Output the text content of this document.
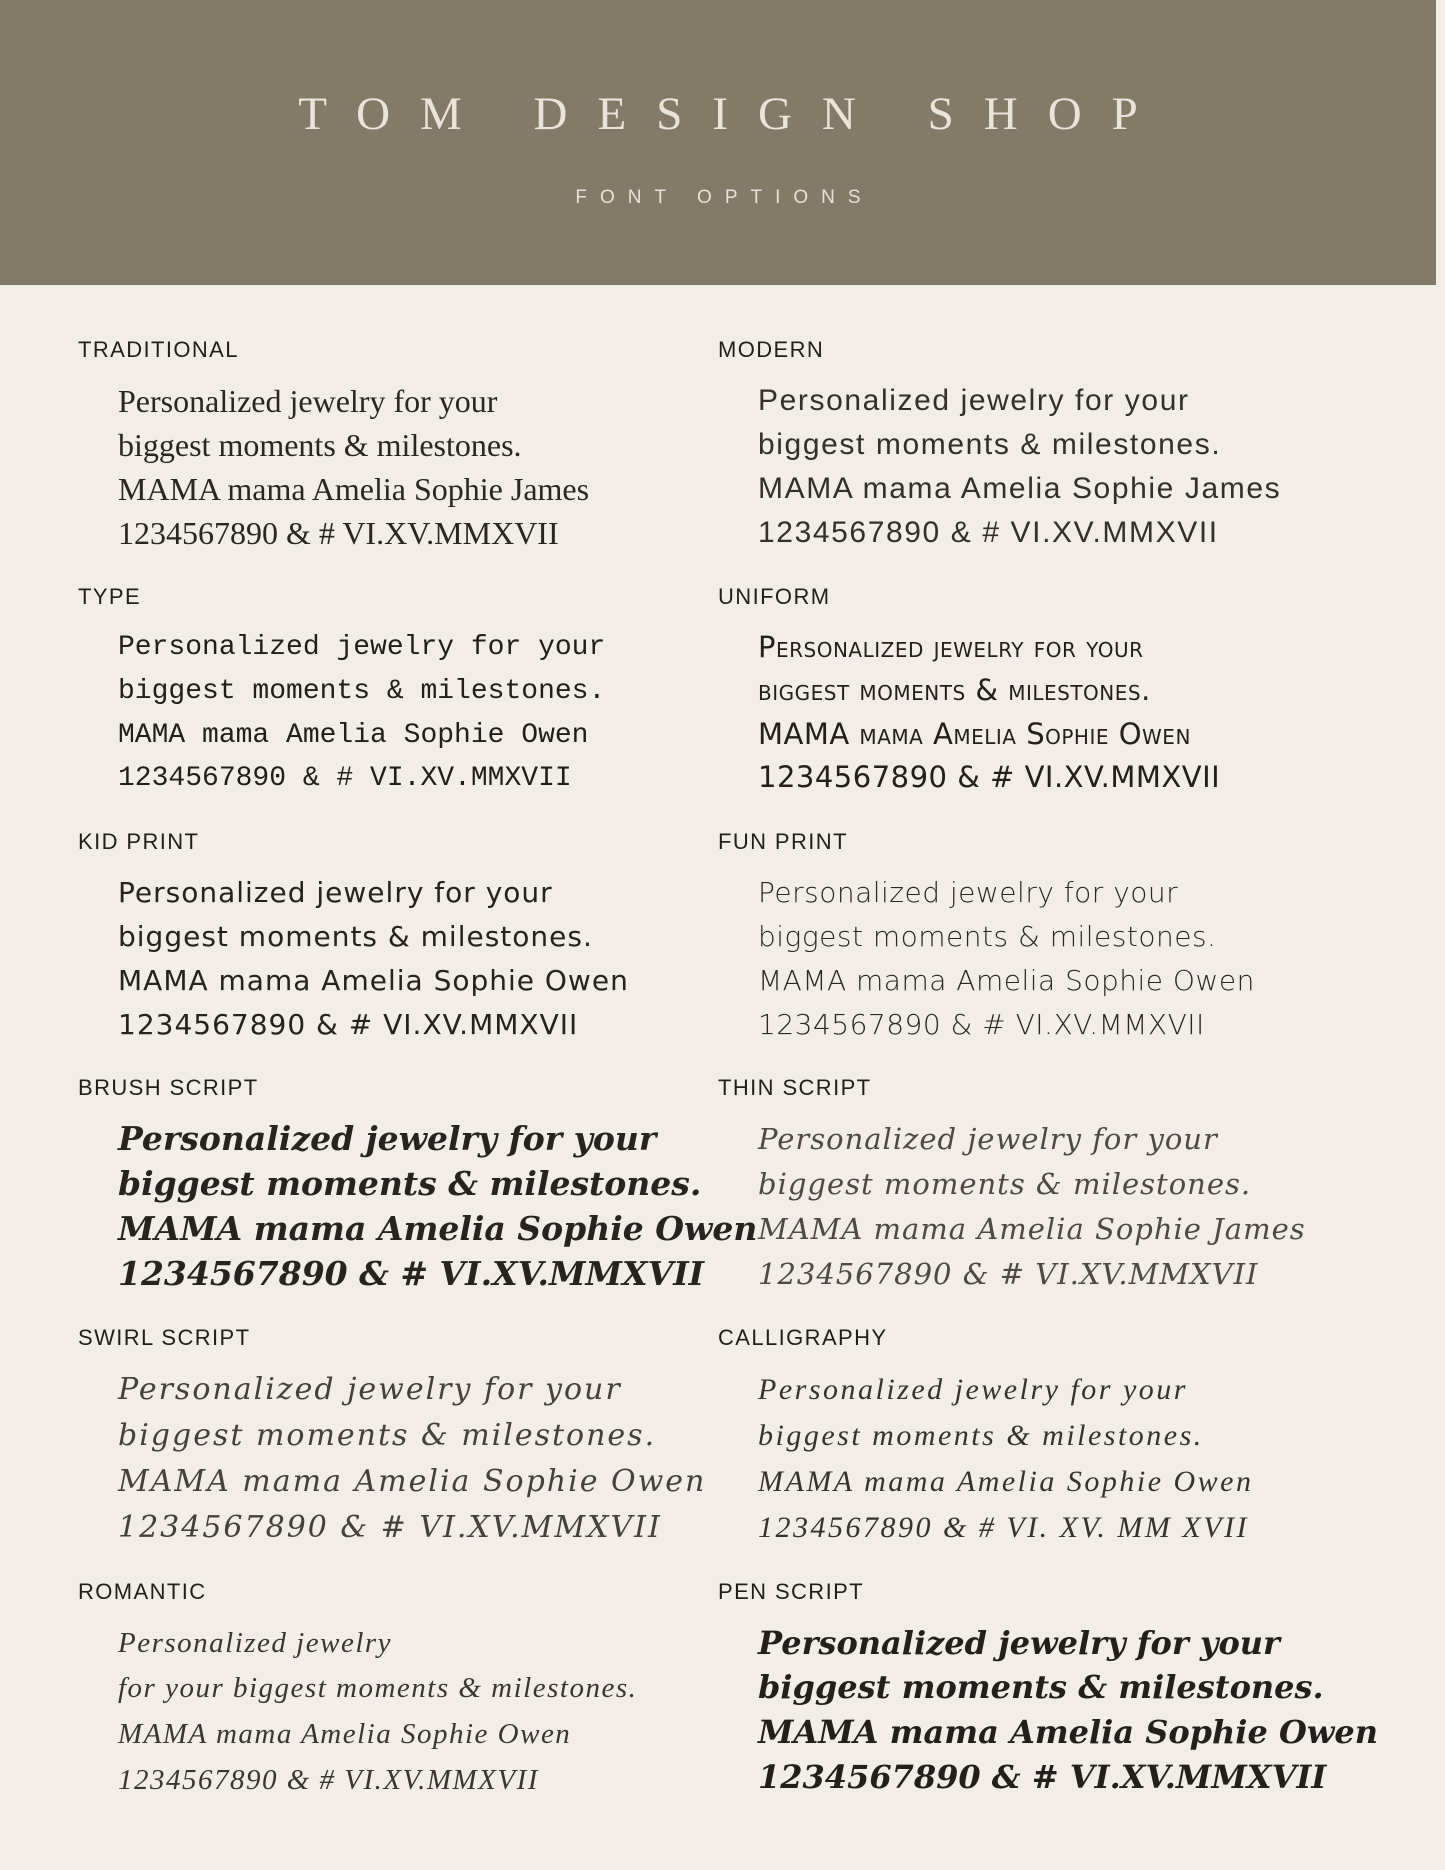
TOM DESIGN SHOP
FONT OPTIONS
TRADITIONAL
Personalized jewelry for your
biggest moments & milestones.
MAMA mama Amelia Sophie James
1234567890 & # VI.XV.MMXVII
MODERN
Personalized jewelry for your
biggest moments & milestones.
MAMA mama Amelia Sophie James
1234567890 & # VI.XV.MMXVII
TYPE
Personalized jewelry for your
biggest moments & milestones.
MAMA mama Amelia Sophie Owen
1234567890 & # VI.XV.MMXVII
UNIFORM
Personalized jewelry for your
biggest moments & milestones.
MAMA mama Amelia Sophie Owen
1234567890 & # VI.XV.MMXVII
KID PRINT
Personalized jewelry for your
biggest moments & milestones.
MAMA mama Amelia Sophie Owen
1234567890 & # VI.XV.MMXVII
FUN PRINT
Personalized jewelry for your
biggest moments & milestones.
MAMA mama Amelia Sophie Owen
1234567890 & # VI.XV.MMXVII
BRUSH SCRIPT
Personalized jewelry for your
biggest moments & milestones.
MAMA mama Amelia Sophie Owen
1234567890 & # VI.XV.MMXVII
THIN SCRIPT
Personalized jewelry for your
biggest moments & milestones.
MAMA mama Amelia Sophie James
1234567890 & # VI.XV.MMXVII
SWIRL SCRIPT
Personalized jewelry for your
biggest moments & milestones.
MAMA mama Amelia Sophie Owen
1234567890 & # VI.XV.MMXVII
CALLIGRAPHY
Personalized jewelry for your
biggest moments & milestones.
MAMA mama Amelia Sophie Owen
1234567890 & # VI. XV. MM XVII
ROMANTIC
Personalized jewelry
for your biggest moments & milestones.
MAMA mama Amelia Sophie Owen
1234567890 & # VI.XV.MMXVII
PEN SCRIPT
Personalized jewelry for your
biggest moments & milestones.
MAMA mama Amelia Sophie Owen
1234567890 & # VI.XV.MMXVII
